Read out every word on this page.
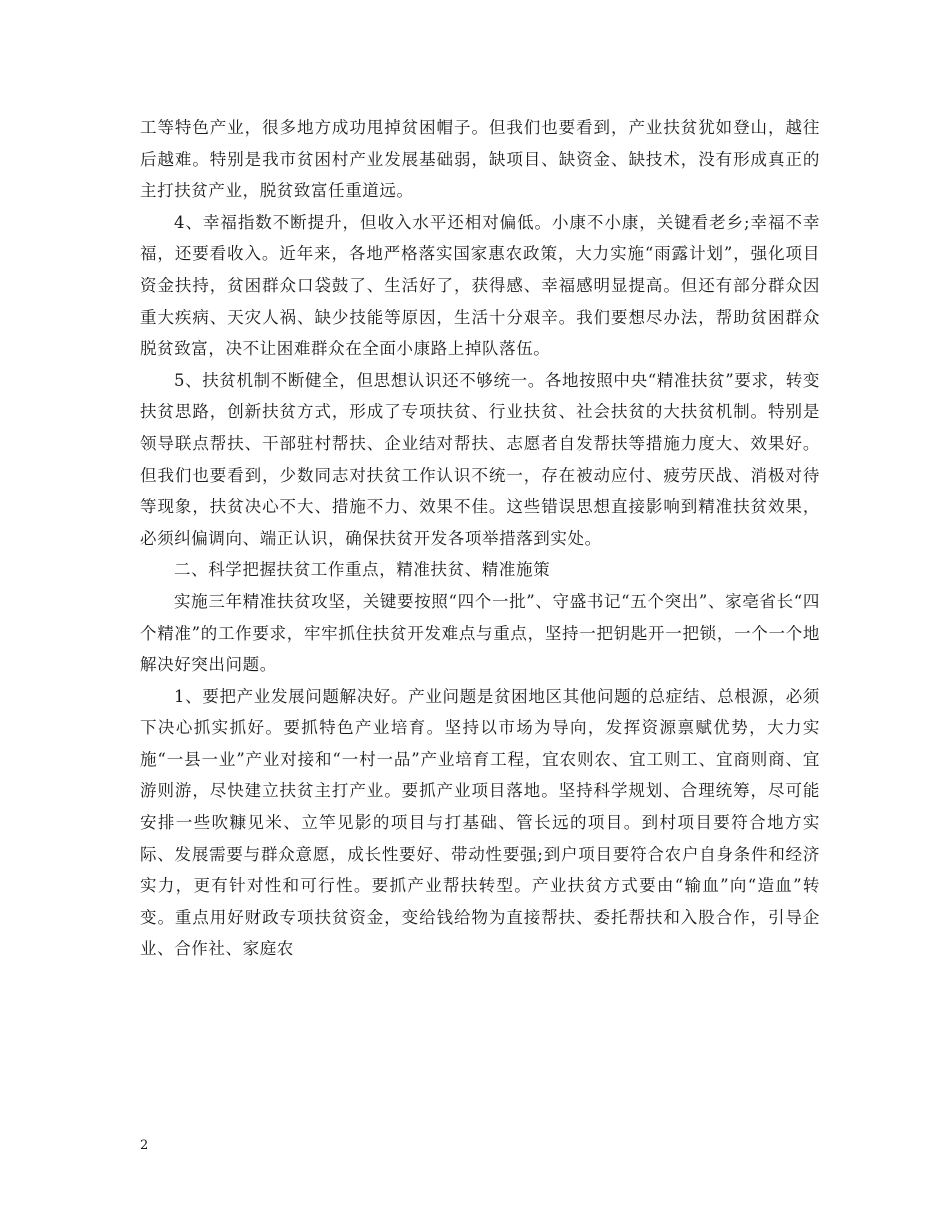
工等特色产业，很多地方成功甩掉贫困帽子。但我们也要看到，产业扶贫犹如登山，越往后越难。特别是我市贫困村产业发展基础弱，缺项目、缺资金、缺技术，没有形成真正的主打扶贫产业，脱贫致富任重道远。

4、幸福指数不断提升，但收入水平还相对偏低。小康不小康，关键看老乡;幸福不幸福，还要看收入。近年来，各地严格落实国家惠农政策，大力实施“雨露计划”，强化项目资金扶持，贫困群众口袋鼓了、生活好了，获得感、幸福感明显提高。但还有部分群众因重大疾病、天灾人祸、缺少技能等原因，生活十分艰辛。我们要想尽办法，帮助贫困群众脱贫致富，决不让困难群众在全面小康路上掉队落伍。

5、扶贫机制不断健全，但思想认识还不够统一。各地按照中央“精准扶贫”要求，转变扶贫思路，创新扶贫方式，形成了专项扶贫、行业扶贫、社会扶贫的大扶贫机制。特别是领导联点帮扶、干部驻村帮扶、企业结对帮扶、志愿者自发帮扶等措施力度大、效果好。但我们也要看到，少数同志对扶贫工作认识不统一，存在被动应付、疲劳厌战、消极对待等现象，扶贫决心不大、措施不力、效果不佳。这些错误思想直接影响到精准扶贫效果，必须纠偏调向、端正认识，确保扶贫开发各项举措落到实处。

二、科学把握扶贫工作重点，精准扶贫、精准施策

实施三年精准扶贫攻坚，关键要按照“四个一批”、守盛书记“五个突出”、家亳省长“四个精准”的工作要求，牢牢抓住扶贫开发难点与重点，坚持一把钥匙开一把锁，一个一个地解决好突出问题。

1、要把产业发展问题解决好。产业问题是贫困地区其他问题的总症结、总根源，必须下决心抓实抓好。要抓特色产业培育。坚持以市场为导向，发挥资源禀赋优势，大力实施“一县一业”产业对接和“一村一品”产业培育工程，宜农则农、宜工则工、宜商则商、宜游则游，尽快建立扶贫主打产业。要抓产业项目落地。坚持科学规划、合理统筹，尽可能安排一些吹糠见米、立竿见影的项目与打基础、管长远的项目。到村项目要符合地方实际、发展需要与群众意愿，成长性要好、带动性要强;到户项目要符合农户自身条件和经济实力，更有针对性和可行性。要抓产业帮扶转型。产业扶贫方式要由“输血”向“造血”转变。重点用好财政专项扶贫资金，变给钱给物为直接帮扶、委托帮扶和入股合作，引导企业、合作社、家庭农

2
